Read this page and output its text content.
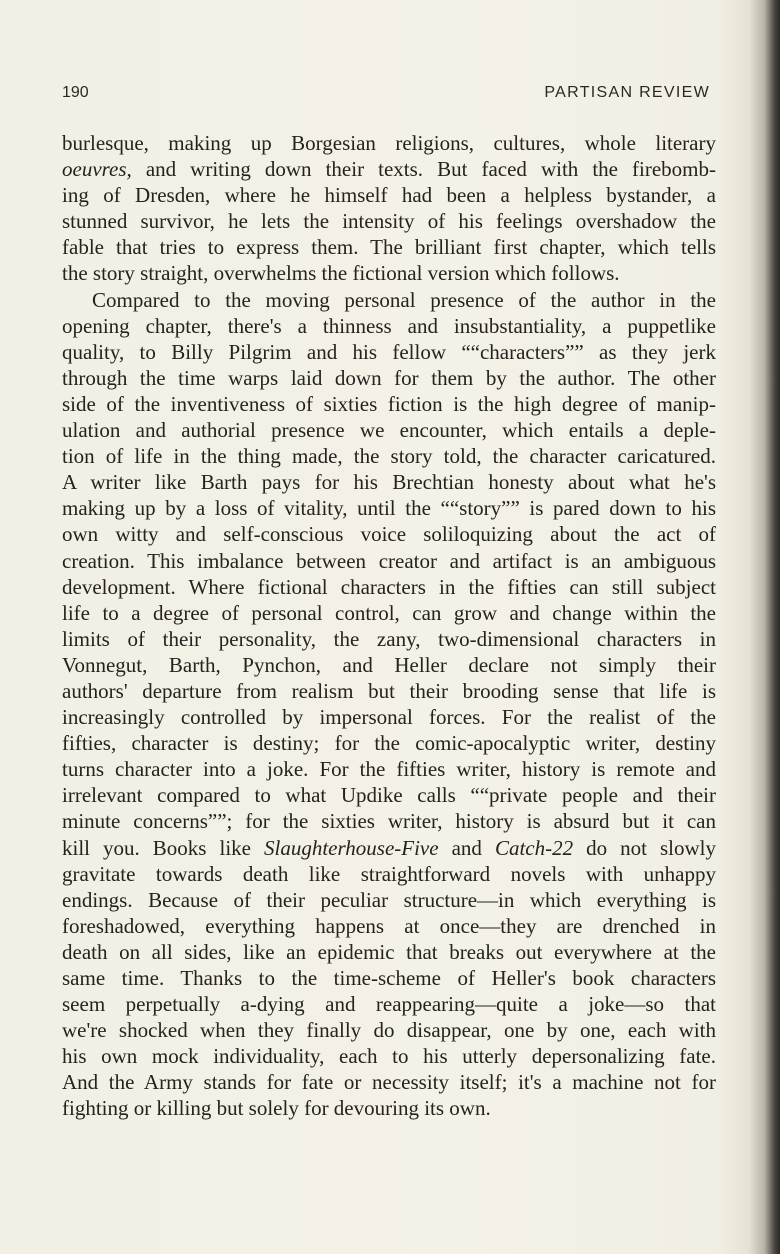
190	PARTISAN REVIEW
burlesque, making up Borgesian religions, cultures, whole literary
oeuvres, and writing down their texts. But faced with the firebomb-
ing of Dresden, where he himself had been a helpless bystander, a
stunned survivor, he lets the intensity of his feelings overshadow the
fable that tries to express them. The brilliant first chapter, which tells
the story straight, overwhelms the fictional version which follows.
Compared to the moving personal presence of the author in the
opening chapter, there's a thinness and insubstantiality, a puppetlike
quality, to Billy Pilgrim and his fellow ““characters”” as they jerk
through the time warps laid down for them by the author. The other
side of the inventiveness of sixties fiction is the high degree of manip-
ulation and authorial presence we encounter, which entails a deple-
tion of life in the thing made, the story told, the character caricatured.
A writer like Barth pays for his Brechtian honesty about what he's
making up by a loss of vitality, until the ““story”” is pared down to his
own witty and self-conscious voice soliloquizing about the act of
creation. This imbalance between creator and artifact is an ambiguous
development. Where fictional characters in the fifties can still subject
life to a degree of personal control, can grow and change within the
limits of their personality, the zany, two-dimensional characters in
Vonnegut, Barth, Pynchon, and Heller declare not simply their
authors' departure from realism but their brooding sense that life is
increasingly controlled by impersonal forces. For the realist of the
fifties, character is destiny; for the comic-apocalyptic writer, destiny
turns character into a joke. For the fifties writer, history is remote and
irrelevant compared to what Updike calls ““private people and their
minute concerns””; for the sixties writer, history is absurd but it can
kill you. Books like Slaughterhouse-Five and Catch-22 do not slowly
gravitate towards death like straightforward novels with unhappy
endings. Because of their peculiar structure—in which everything is
foreshadowed, everything happens at once—they are drenched in
death on all sides, like an epidemic that breaks out everywhere at the
same time. Thanks to the time-scheme of Heller's book characters
seem perpetually a-dying and reappearing—quite a joke—so that
we're shocked when they finally do disappear, one by one, each with
his own mock individuality, each to his utterly depersonalizing fate.
And the Army stands for fate or necessity itself; it's a machine not for
fighting or killing but solely for devouring its own.
